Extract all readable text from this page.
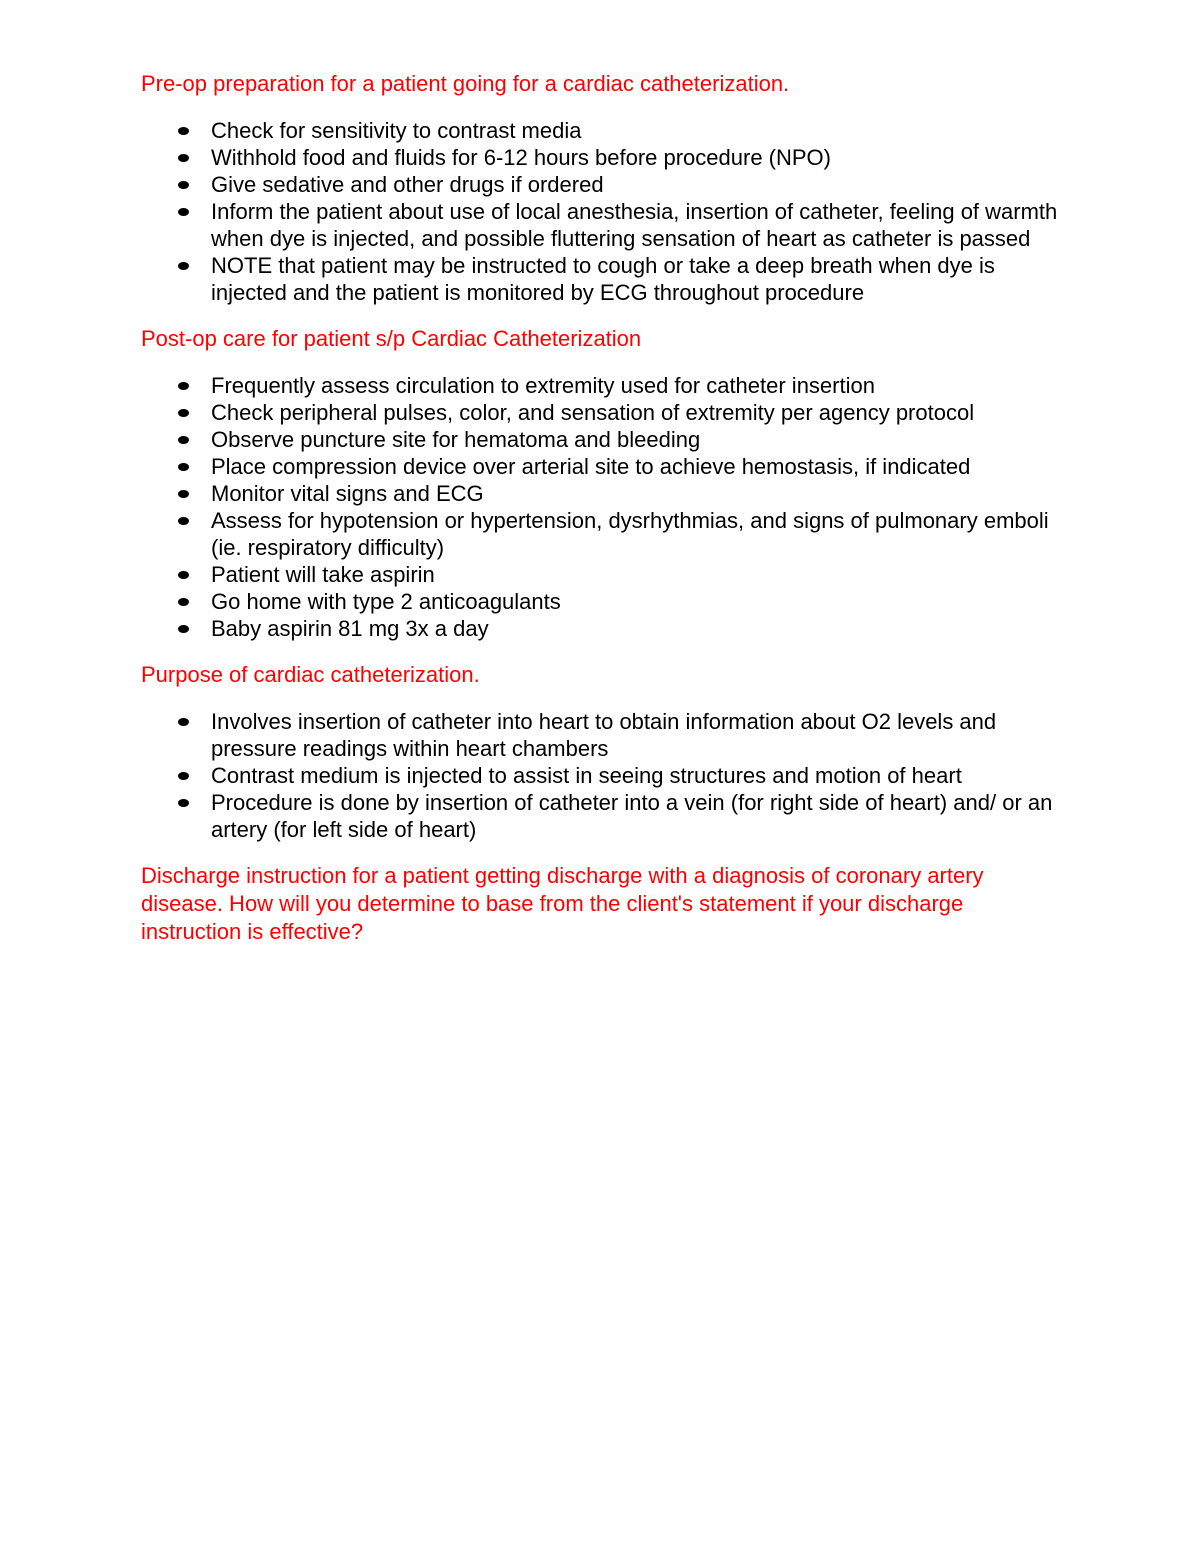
Pre-op preparation for a patient going for a cardiac catheterization.

Check for sensitivity to contrast media
Withhold food and fluids for 6-12 hours before procedure (NPO)
Give sedative and other drugs if ordered
Inform the patient about use of local anesthesia, insertion of catheter, feeling of warmth when dye is injected, and possible fluttering sensation of heart as catheter is passed
NOTE that patient may be instructed to cough or take a deep breath when dye is injected and the patient is monitored by ECG throughout procedure

Post-op care for patient s/p Cardiac Catheterization

Frequently assess circulation to extremity used for catheter insertion
Check peripheral pulses, color, and sensation of extremity per agency protocol
Observe puncture site for hematoma and bleeding
Place compression device over arterial site to achieve hemostasis, if indicated
Monitor vital signs and ECG
Assess for hypotension or hypertension, dysrhythmias, and signs of pulmonary emboli (ie. respiratory difficulty)
Patient will take aspirin
Go home with type 2 anticoagulants
Baby aspirin 81 mg 3x a day

Purpose of cardiac catheterization.

Involves insertion of catheter into heart to obtain information about O2 levels and pressure readings within heart chambers
Contrast medium is injected to assist in seeing structures and motion of heart
Procedure is done by insertion of catheter into a vein (for right side of heart) and/ or an artery (for left side of heart)

Discharge instruction for a patient getting discharge with a diagnosis of coronary artery disease. How will you determine to base from the client's statement if your discharge instruction is effective?
